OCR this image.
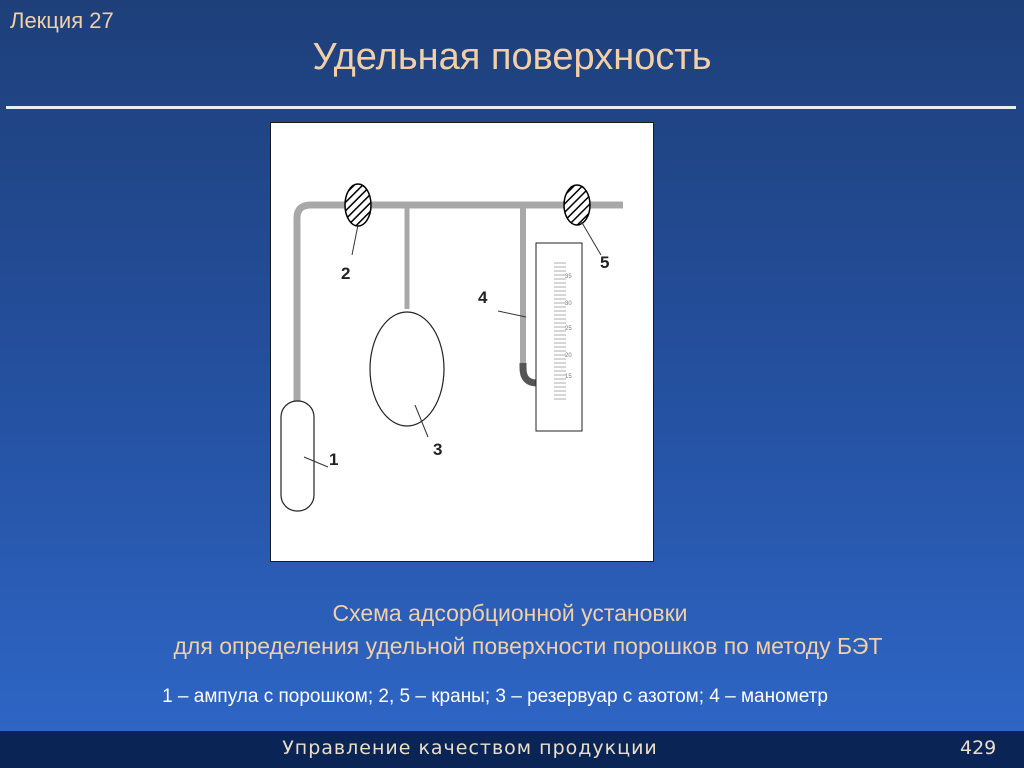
Лекция 27
Удельная поверхность
35
30
25
20
15
2
5
4
1
3
Схема адсорбционной установки
для определения удельной поверхности порошков по методу БЭТ
1 – ампула с порошком; 2, 5 – краны; 3 – резервуар с азотом; 4 – манометр
Управление качеством продукции	429
